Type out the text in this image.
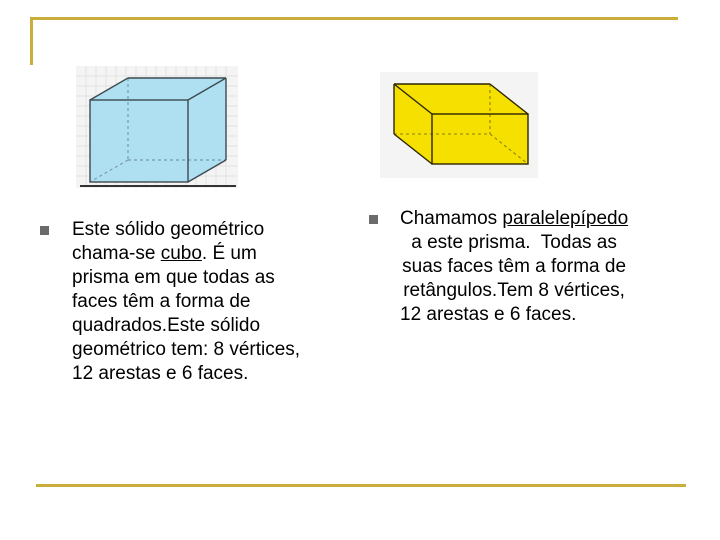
Este sólido geométrico
chama-se cubo. É um
prisma em que todas as
faces têm a forma de
quadrados.Este sólido
geométrico tem: 8 vértices,
12 arestas e 6 faces.

Chamamos paralelepípedo
a este prisma.  Todas as
suas faces têm a forma de
retângulos.Tem 8 vértices,
12 arestas e 6 faces.
